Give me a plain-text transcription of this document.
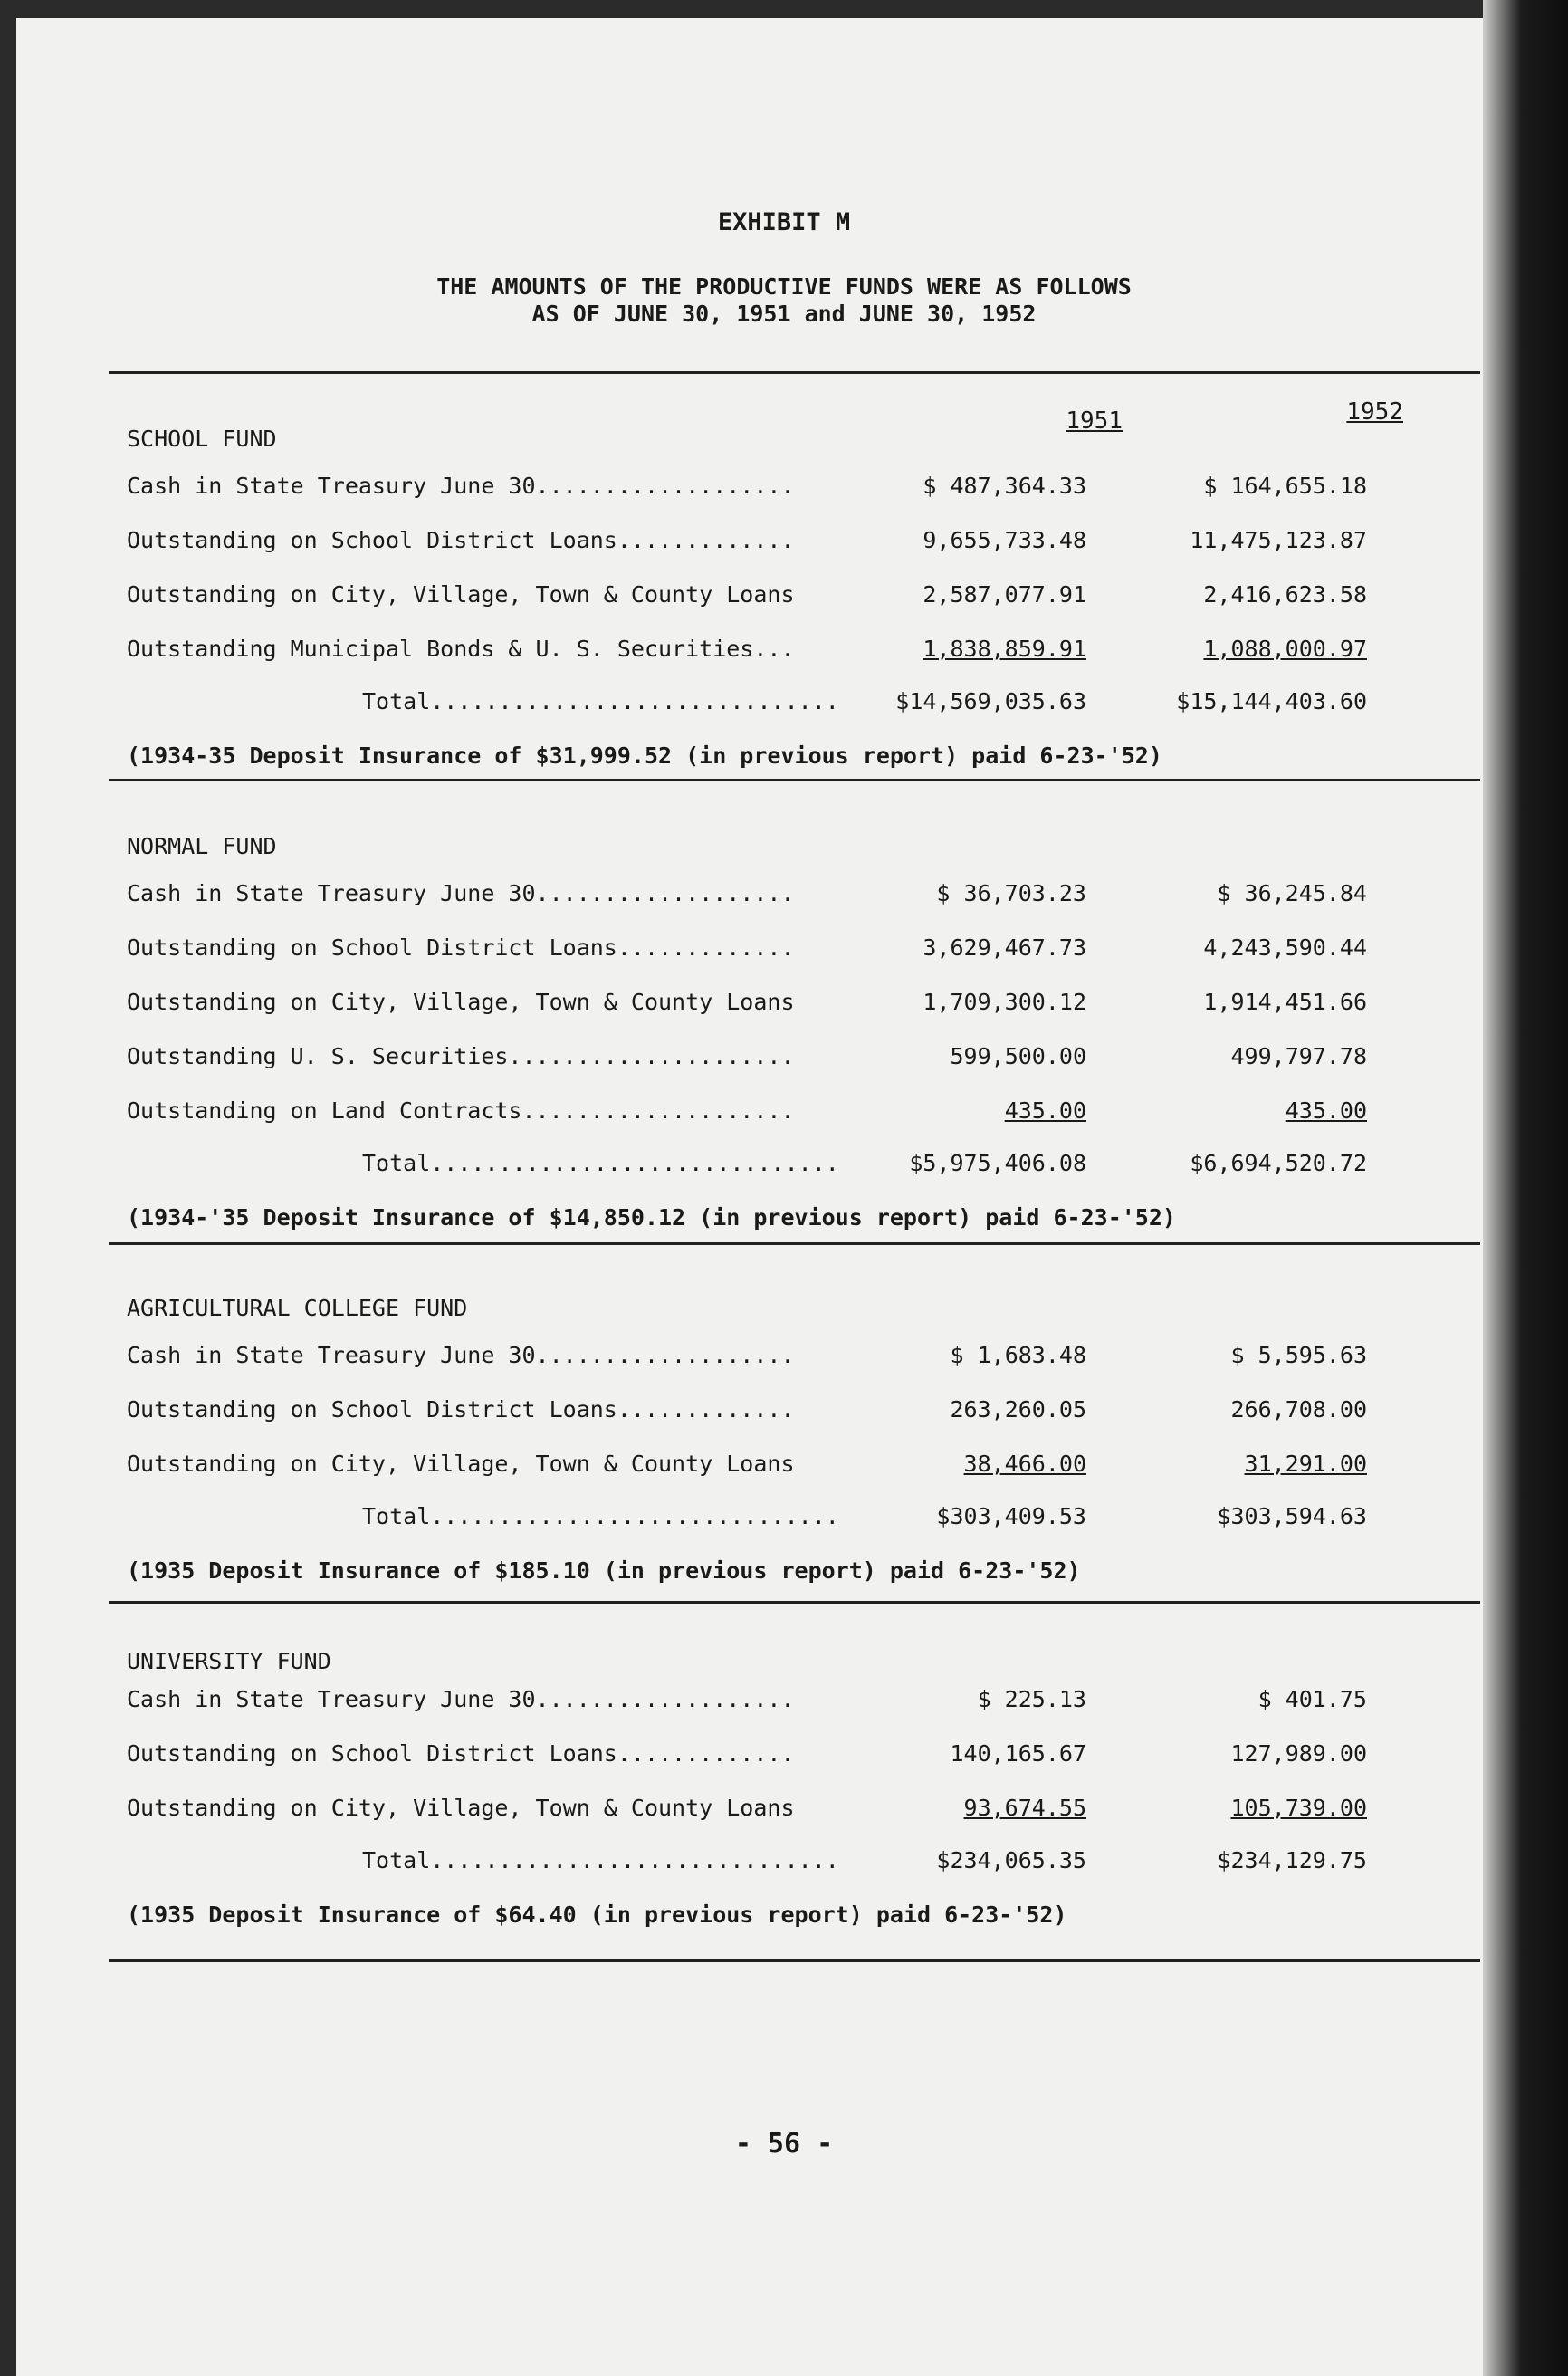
EXHIBIT M
THE AMOUNTS OF THE PRODUCTIVE FUNDS WERE AS FOLLOWS
AS OF JUNE 30, 1951 and JUNE 30, 1952
1951	1952
SCHOOL FUND
Cash in State Treasury June 30...................	$ 487,364.33	$ 164,655.18
Outstanding on School District Loans.............	9,655,733.48	11,475,123.87
Outstanding on City, Village, Town & County Loans	2,587,077.91	2,416,623.58
Outstanding Municipal Bonds & U. S. Securities...	1,838,859.91	1,088,000.97
Total..............................	$14,569,035.63	$15,144,403.60
(1934-35 Deposit Insurance of $31,999.52 (in previous report) paid 6-23-'52)
NORMAL FUND
Cash in State Treasury June 30...................	$ 36,703.23	$ 36,245.84
Outstanding on School District Loans.............	3,629,467.73	4,243,590.44
Outstanding on City, Village, Town & County Loans	1,709,300.12	1,914,451.66
Outstanding U. S. Securities.....................	599,500.00	499,797.78
Outstanding on Land Contracts....................	435.00	435.00
Total..............................	$5,975,406.08	$6,694,520.72
(1934-'35 Deposit Insurance of $14,850.12 (in previous report) paid 6-23-'52)
AGRICULTURAL COLLEGE FUND
Cash in State Treasury June 30...................	$ 1,683.48	$ 5,595.63
Outstanding on School District Loans.............	263,260.05	266,708.00
Outstanding on City, Village, Town & County Loans	38,466.00	31,291.00
Total..............................	$303,409.53	$303,594.63
(1935 Deposit Insurance of $185.10 (in previous report) paid 6-23-'52)
UNIVERSITY FUND
Cash in State Treasury June 30...................	$ 225.13	$ 401.75
Outstanding on School District Loans.............	140,165.67	127,989.00
Outstanding on City, Village, Town & County Loans	93,674.55	105,739.00
Total..............................	$234,065.35	$234,129.75
(1935 Deposit Insurance of $64.40 (in previous report) paid 6-23-'52)
- 56 -
